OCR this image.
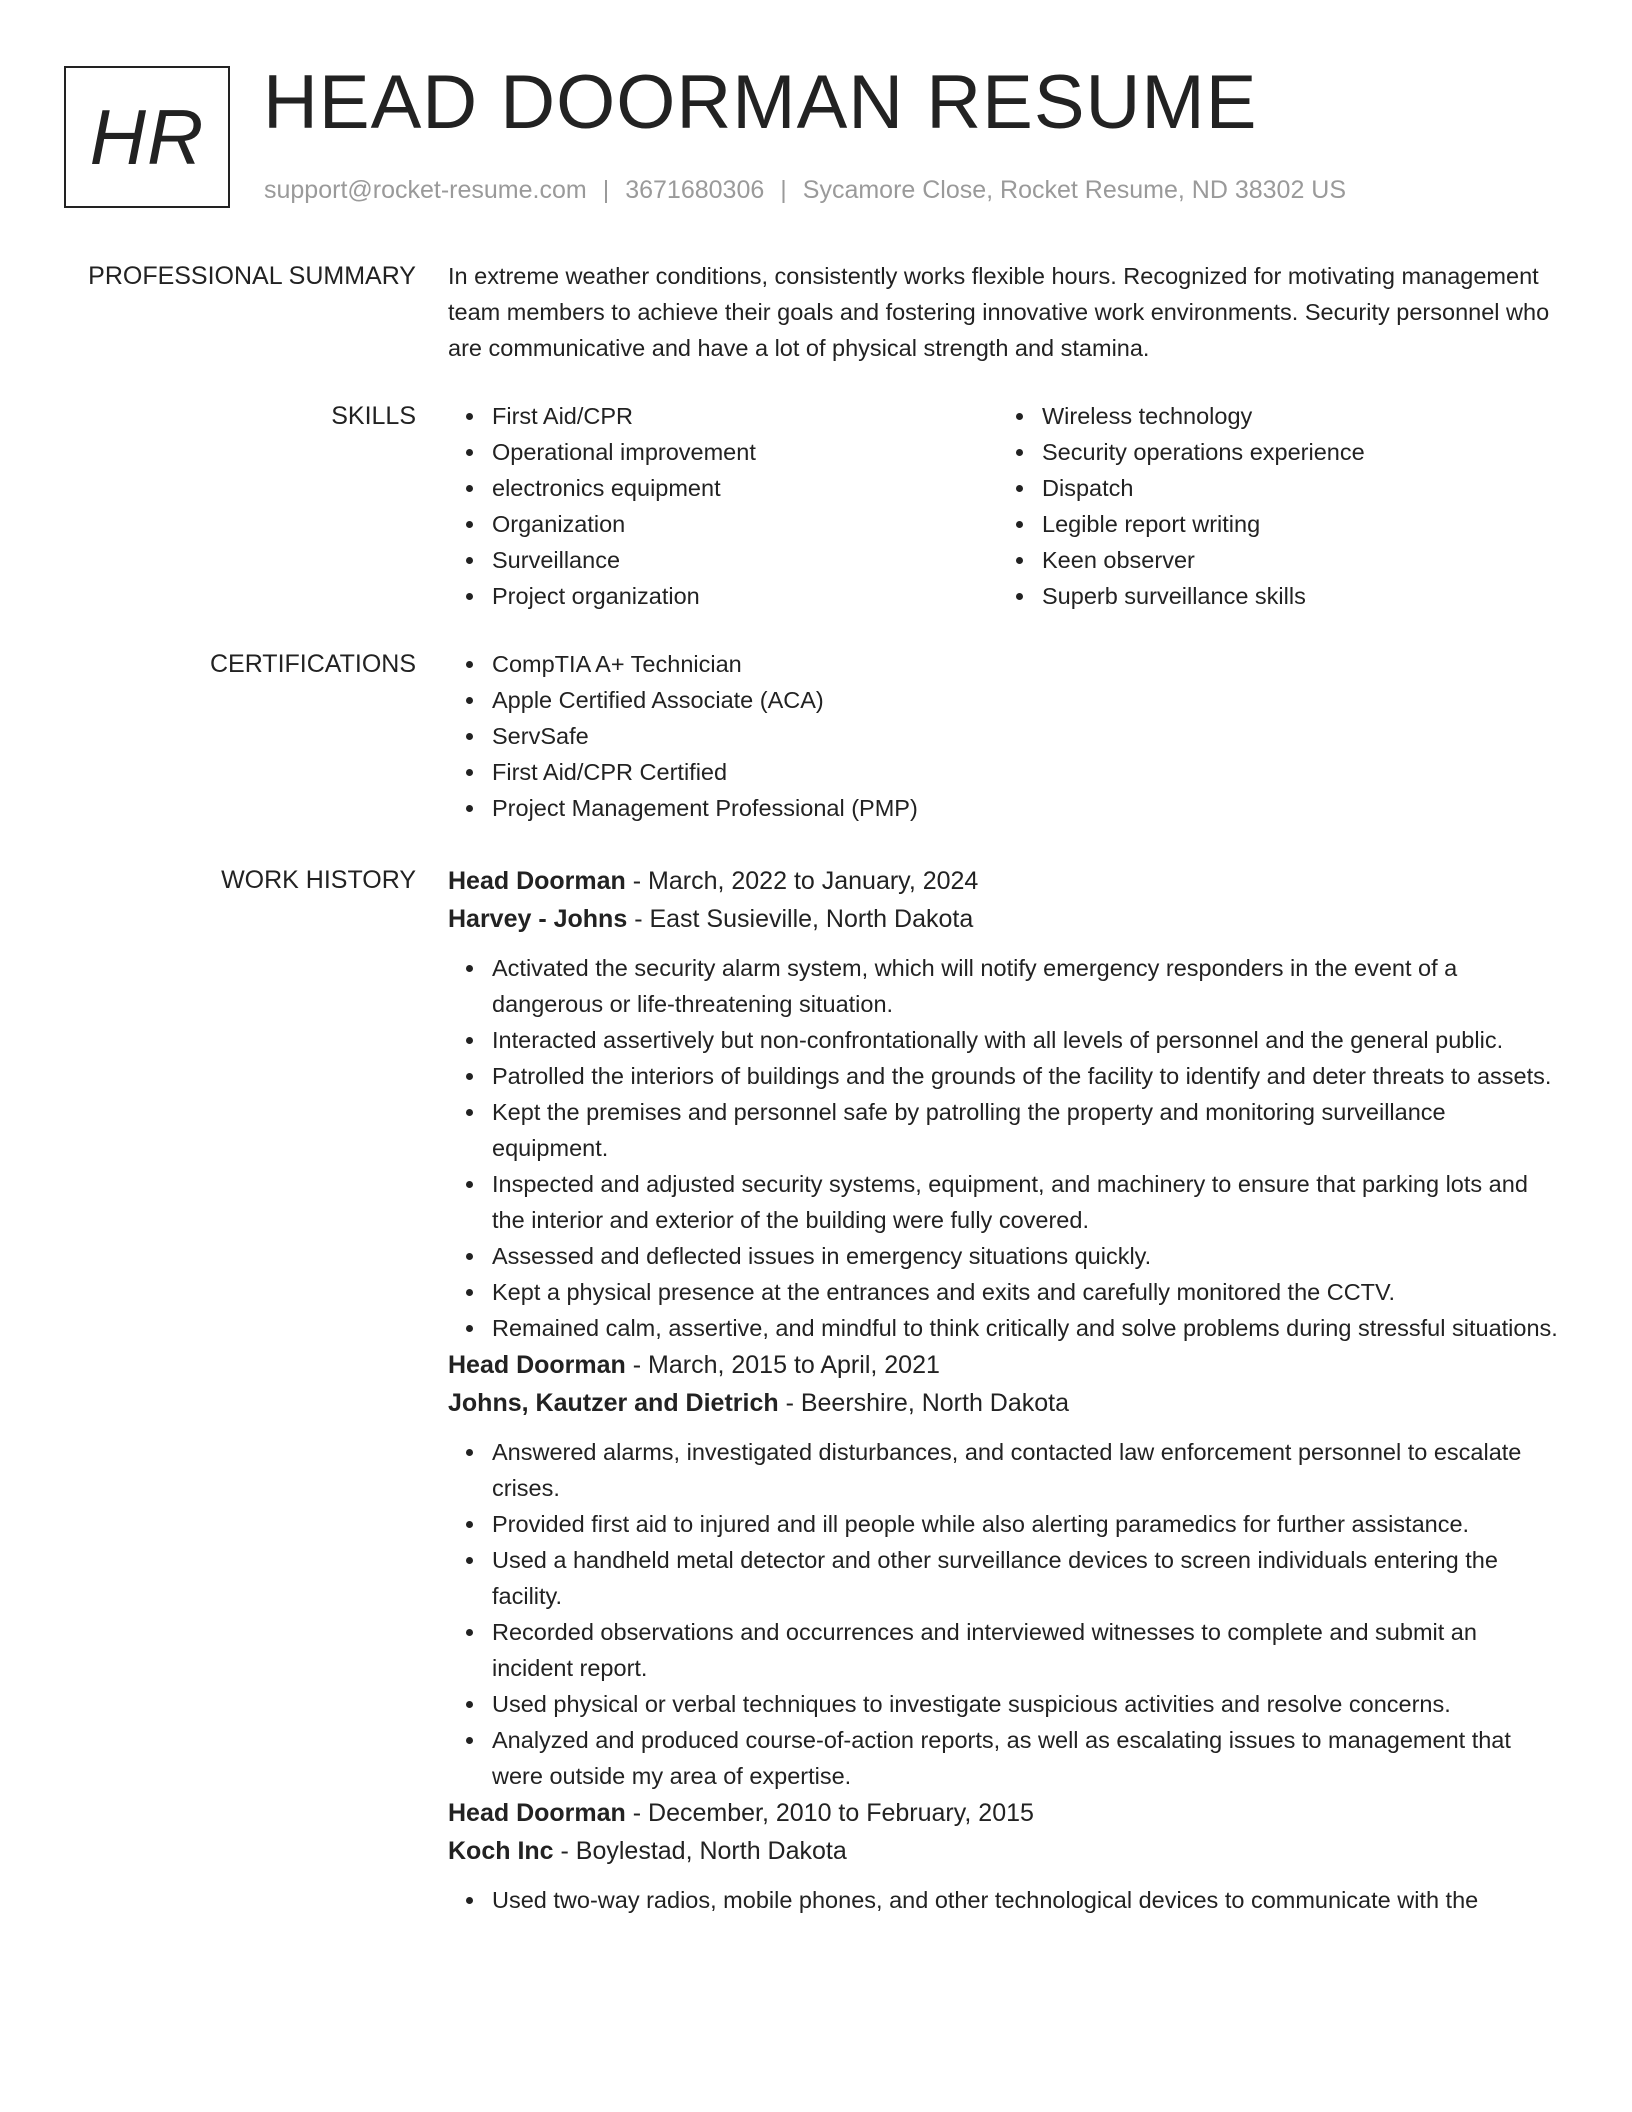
HR HEAD DOORMAN RESUME
support@rocket-resume.com | 3671680306 | Sycamore Close, Rocket Resume, ND 38302 US
PROFESSIONAL SUMMARY In extreme weather conditions, consistently works flexible hours. Recognized for motivating management team members to achieve their goals and fostering innovative work environments. Security personnel who are communicative and have a lot of physical strength and stamina.

SKILLS	First Aid/CPR
Operational improvement
electronics equipment
Organization
Surveillance
Project organization
Wireless technology
Security operations experience
Dispatch
Legible report writing
Keen observer
Superb surveillance skills
CERTIFICATIONS	CompTIA A+ Technician
Apple Certified Associate (ACA)
ServSafe
First Aid/CPR Certified
Project Management Professional (PMP)
WORK HISTORY Head Doorman - March, 2022 to January, 2024
Harvey - Johns - East Susieville, North Dakota
Activated the security alarm system, which will notify emergency responders in the event of a dangerous or life-threatening situation.
Interacted assertively but non-confrontationally with all levels of personnel and the general public.
Patrolled the interiors of buildings and the grounds of the facility to identify and deter threats to assets.
Kept the premises and personnel safe by patrolling the property and monitoring surveillance equipment.
Inspected and adjusted security systems, equipment, and machinery to ensure that parking lots and the interior and exterior of the building were fully covered.
Assessed and deflected issues in emergency situations quickly.
Kept a physical presence at the entrances and exits and carefully monitored the CCTV.
Remained calm, assertive, and mindful to think critically and solve problems during stressful situations.
Head Doorman - March, 2015 to April, 2021
Johns, Kautzer and Dietrich - Beershire, North Dakota
Answered alarms, investigated disturbances, and contacted law enforcement personnel to escalate crises.
Provided first aid to injured and ill people while also alerting paramedics for further assistance.
Used a handheld metal detector and other surveillance devices to screen individuals entering the facility.
Recorded observations and occurrences and interviewed witnesses to complete and submit an incident report.
Used physical or verbal techniques to investigate suspicious activities and resolve concerns.
Analyzed and produced course-of-action reports, as well as escalating issues to management that were outside my area of expertise.
Head Doorman - December, 2010 to February, 2015
Koch Inc - Boylestad, North Dakota
Used two-way radios, mobile phones, and other technological devices to communicate with the
